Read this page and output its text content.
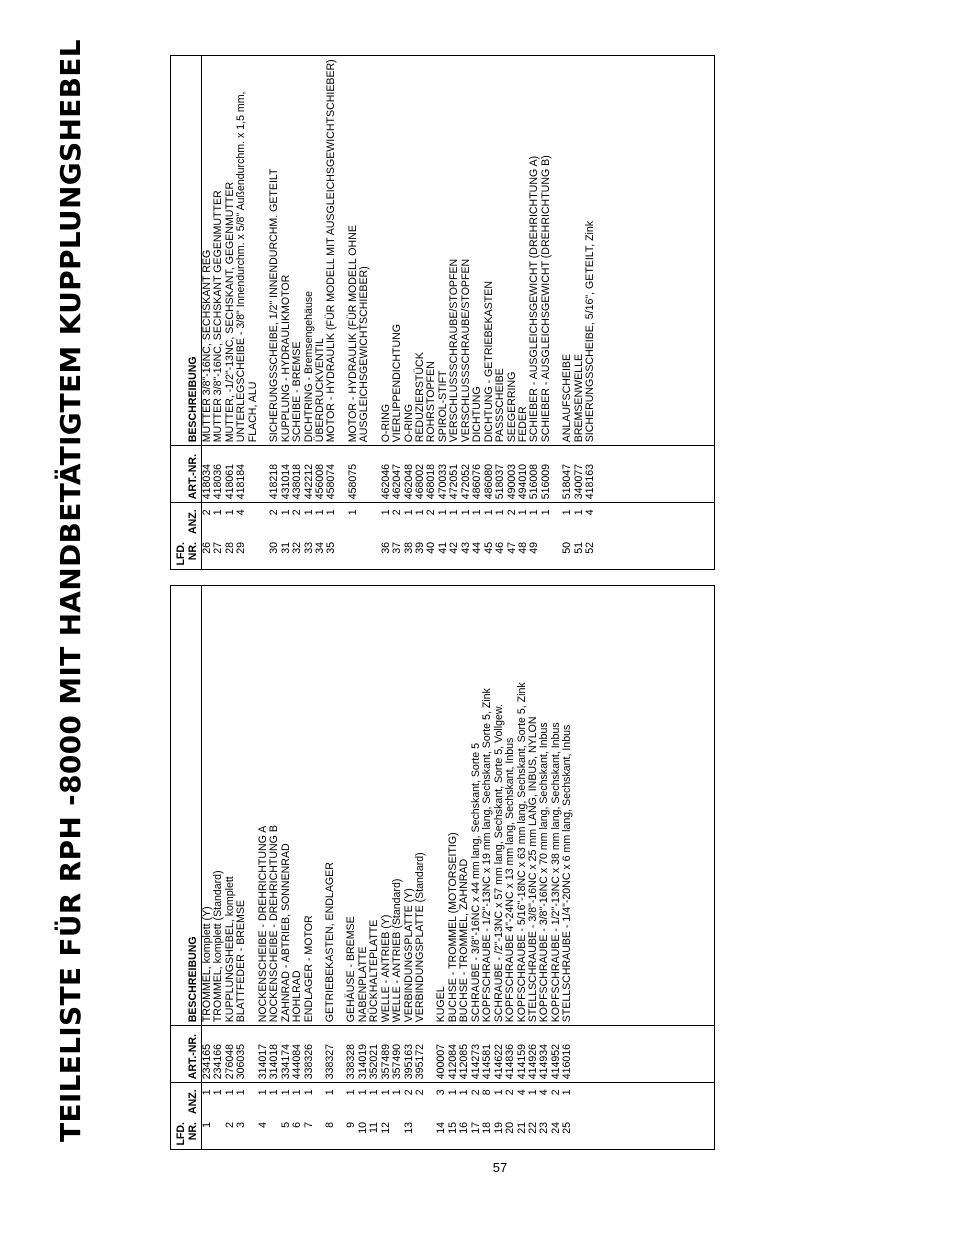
TEILELISTE FÜR RPH -8000 MIT HANDBETÄTIGTEM KUPPLUNGSHEBEL	LFD. NR.	ANZ.	ART.-NR.	BESCHREIBUNG
1	1	234165	TROMMEL, komplett (Y)
	1	234166	TROMMEL, komplett (Standard)
2	1	276048	KUPPLUNGSHEBEL, komplett
3	1	306035	BLATTFEDER - BREMSE
4	1	314017	NOCKENSCHEIBE - DREHRICHTUNG A
	1	314018	NOCKENSCHEIBE - DREHRICHTUNG B
5	1	334174	ZAHNRAD - ABTRIEB, SONNENRAD
6	1	444084	HOHLRAD
7	1	338326	ENDLAGER - MOTOR
8	1	338327	GETRIEBEKASTEN, ENDLAGER
9	1	338328	GEHÄUSE - BREMSE
10	1	314019	NABENPLATTE
11	1	352021	RÜCKHALTEPLATTE
12	1	357489	WELLE - ANTRIEB (Y)
	1	357490	WELLE - ANTRIEB (Standard)
13	2	395163	VERBINDUNGSPLATTE (Y)
	2	395172	VERBINDUNGSPLATTE (Standard)
14	3	400007	KUGEL
15	1	412084	BUCHSE - TROMMEL (MOTORSEITIG)
16	1	412085	BUCHSE - TROMMEL, ZAHNRAD
17	2	414273	SCHRAUBE - 3/8"-16NC x 44 mm lang, Sechskant, Sorte 5
18	8	414581	KOPFSCHRAUBE - 1/2"-13NC x 19 mm lang, Sechskant, Sorte 5, Zink
19	1	414622	SCHRAUBE - /2"-13NC x 57 mm lang, Sechskant, Sorte 5, Vollgew.
20	2	414836	KOPFSCHRAUBE 4"-24NC x 13 mm lang, Sechskant, Inbus
21	4	414159	KOPFSCHRAUBE - 5/16"-18NC x 63 mm lang, Sechskant, Sorte 5, Zink
22	1	414926	STELLSCHRAUBE - 3/8"-16NC x 25 mm LANG, INBUS, NYLON
23	4	414934	KOPFSCHRAUBE - 3/8"-16NC x 70 mm lang, Sechskant, Inbus
24	2	414952	KOPFSCHRAUBE - 1/2"-13NC x 38 mm lang, Sechskant, Inbus
25	1	416016	STELLSCHRAUBE - 1/4"-20NC x 6 mm lang, Sechskant, Inbus

LFD. NR.	ANZ.	ART.-NR.	BESCHREIBUNG
26	2	418034	MUTTER 3/8"-16NC, SECHSKANT REG
27	1	418036	MUTTER 3/8"-16NC, SECHSKANT GEGENMUTTER
28	1	418061	MUTTER, -1/2"-13NC, SECHSKANT, GEGENMUTTER
29	4	418184	UNTERLEGSCHEIBE - 3/8" Innendurchm. x 5/8" Außendurchm. x 1,5 mm, FLACH, ALU
30	2	418218	SICHERUNGSSCHEIBE, 1/2" INNENDURCHM. GETEILT
31	1	431014	KUPPLUNG - HYDRAULIKMOTOR
32	2	438018	SCHEIBE - BREMSE
33	1	442212	DICHTRING - Bremsengehäuse
34	1	456008	ÜBERDRUCKVENTIL
35	1	458074	MOTOR - HYDRAULIK (FÜR MODELL MIT AUSGLEICHSGEWICHTSCHIEBER)
	1	458075	MOTOR - HYDRAULIK (FÜR MODELL OHNE AUSGLEICHSGEWICHTSCHIEBER)
36	1	462046	O-RING
37	2	462047	VIERLIPPENDICHTUNG
38	1	462048	O-RING
39	1	468002	REDUZIERSTÜCK
40	2	468018	ROHRSTOPFEN
41	1	470033	SPIROL-STIFT
42	1	472051	VERSCHLUSSSCHRAUBE/STOPFEN
43	1	472052	VERSCHLUSSSCHRAUBE/STOPFEN
44	1	486076	DICHTUNG
45	1	486080	DICHTUNG - GETRIEBEKASTEN
46	1	518037	PASSSCHEIBE
47	2	490003	SEEGERRING
48	1	494010	FEDER
49	1	516008	SCHIEBER - AUSGLEICHSGEWICHT (DREHRICHTUNG A)
	1	516009	SCHIEBER - AUSGLEICHSGEWICHT (DREHRICHTUNG B)
50	1	518047	ANLAUFSCHEIBE
51	1	340077	BREMSENWELLE
52	4	418163	SICHERUNGSSCHEIBE, 5/16", GETEILT, Zink

57
